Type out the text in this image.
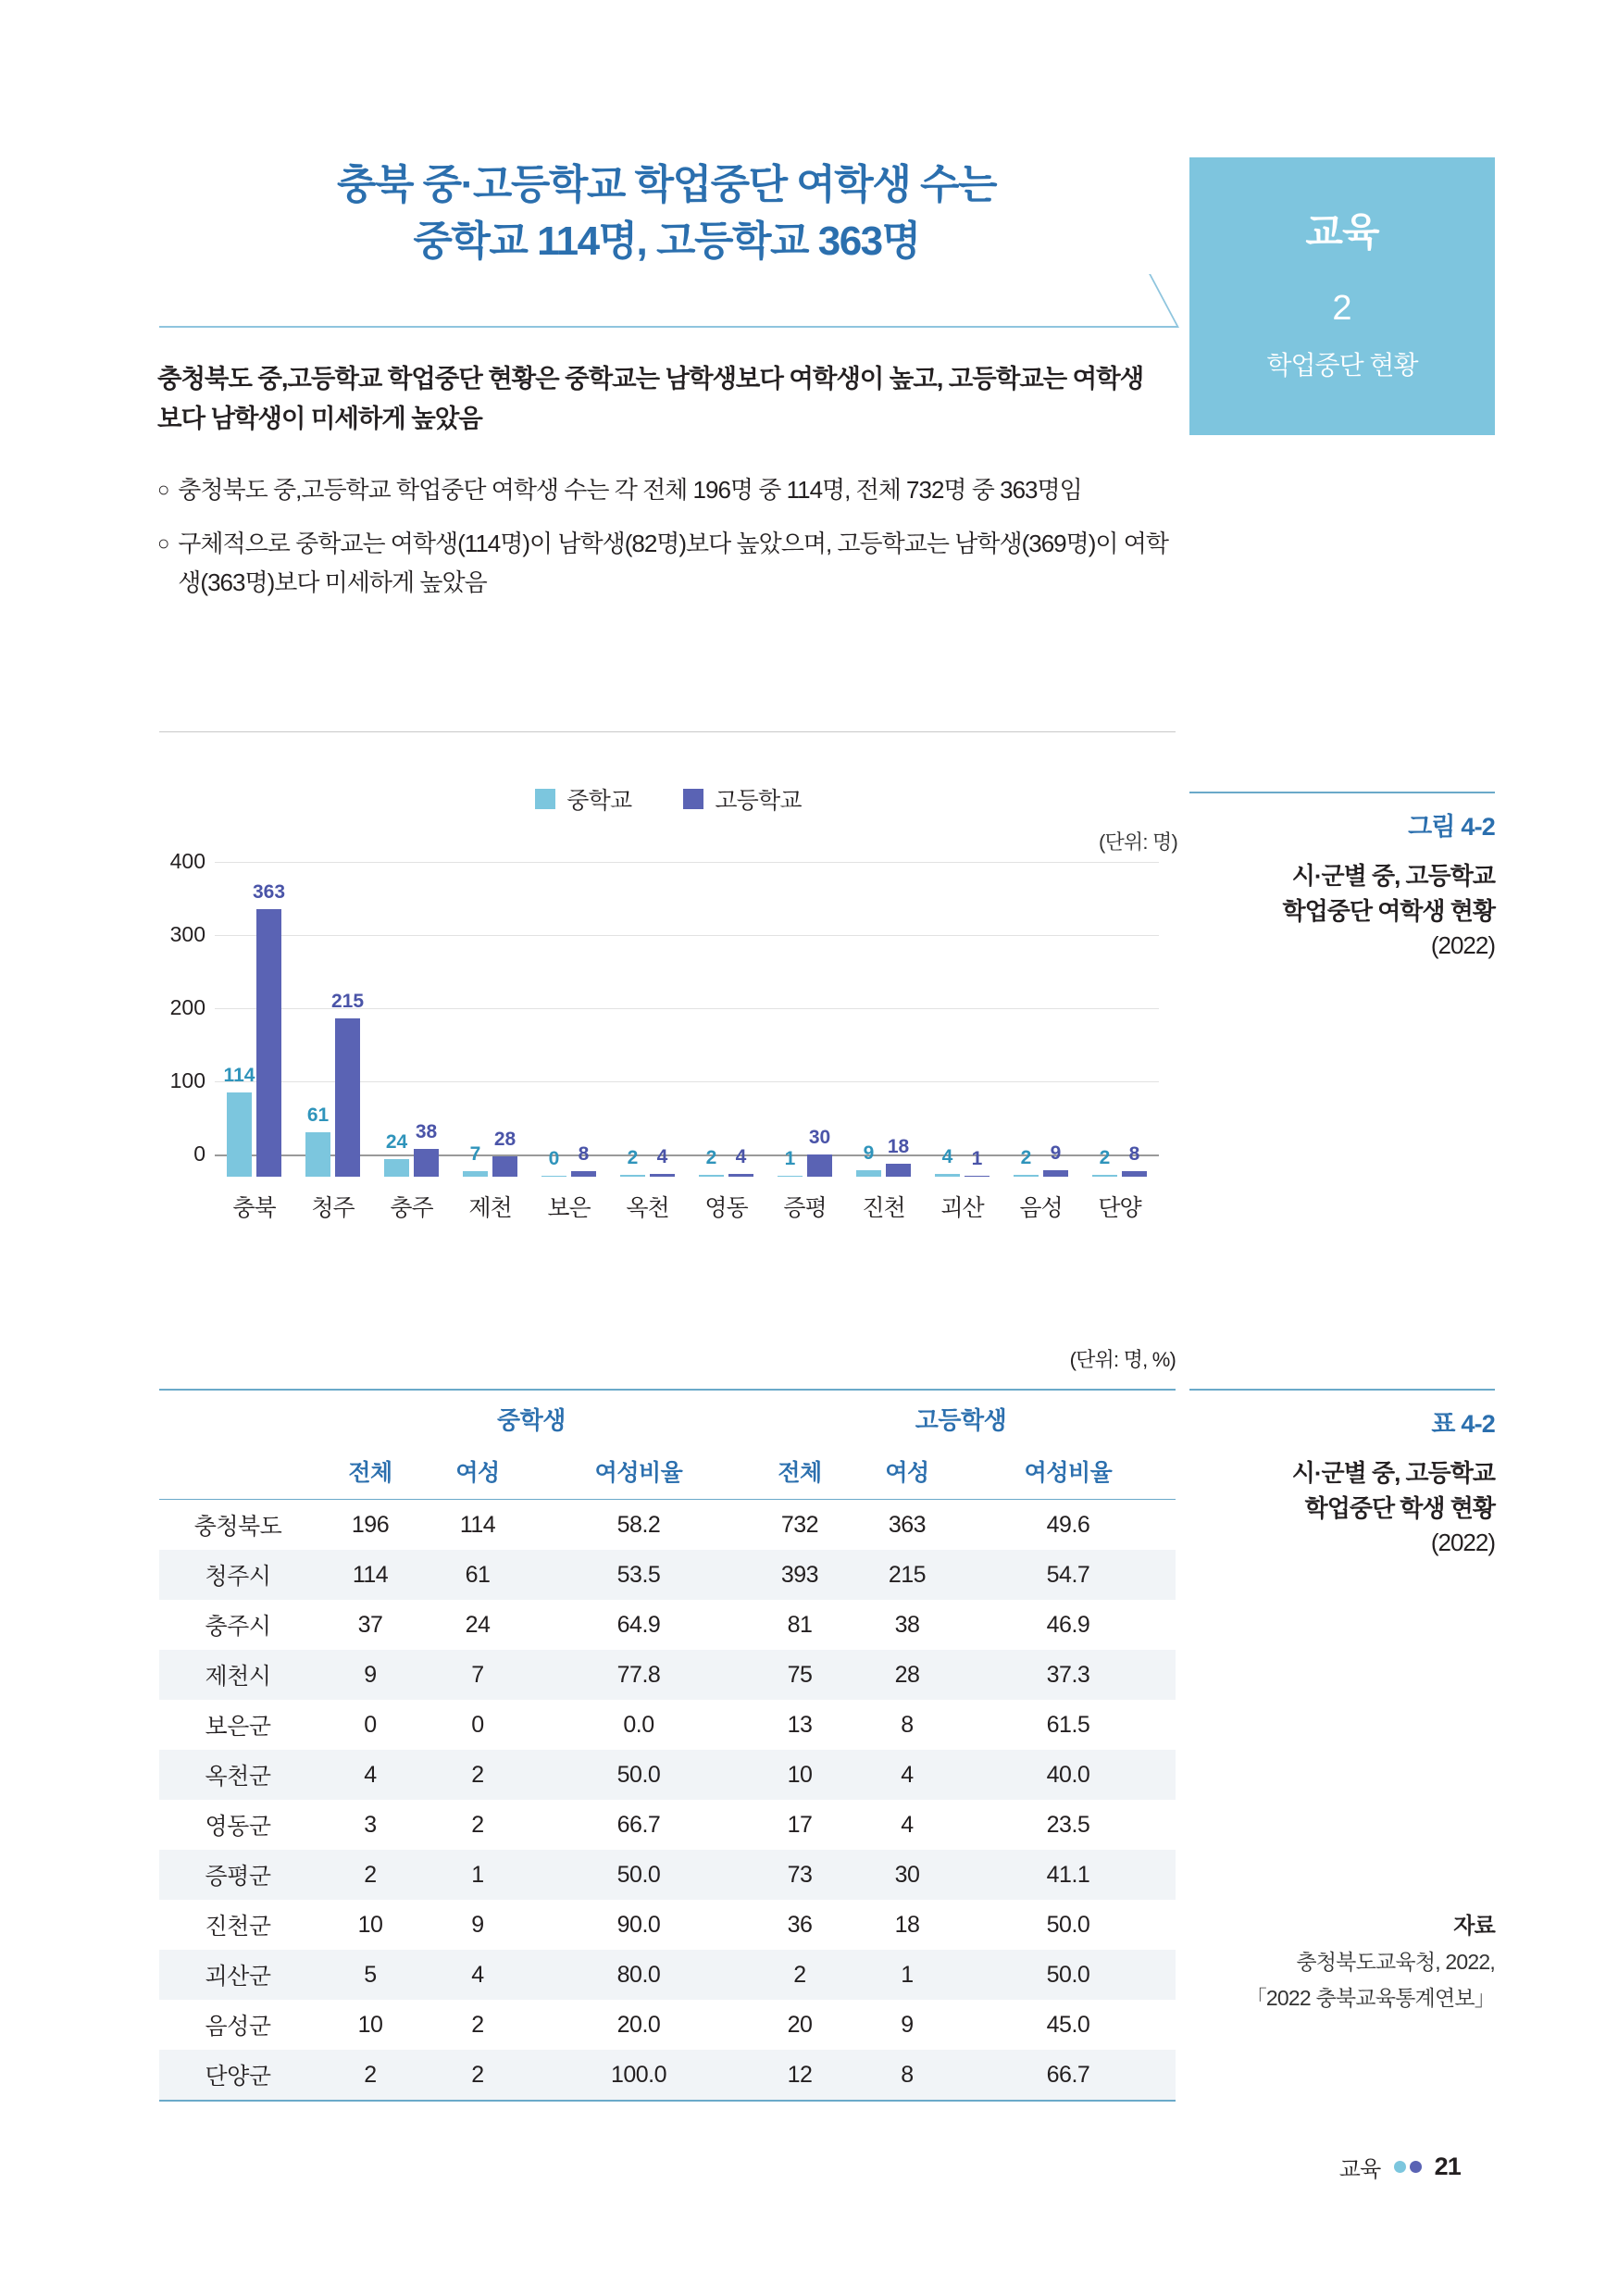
충북 중·고등학교 학업중단 여학생 수는
중학교 114명, 고등학교 363명	교육
2
학업중단 현황
충청북도 중,고등학교 학업중단 현황은 중학교는 남학생보다 여학생이 높고, 고등학교는 여학생보다 남학생이 미세하게 높았음
○ 충청북도 중,고등학교 학업중단 여학생 수는 각 전체 196명 중 114명, 전체 732명 중 363명임
○ 구체적으로 중학교는 여학생(114명)이 남학생(82명)보다 높았으며, 고등학교는 남학생(369명)이 여학생(363명)보다 미세하게 높았음
중학교	고등학교
(단위: 명)
400
300
200
100
0
114
363
61
215
24 38
7
28
0 8 2 4 2 4 1
30
9 18 4 1 2 9 2 8
충북	청주	충주	제천	보은	옥천	영동	증평	진천	괴산	음성	단양
(단위: 명, %)
	중학생			고등학생		
	전체	여성	여성비율	전체	여성	여성비율
충청북도	196	114	58.2	732	363	49.6
청주시	114	61	53.5	393	215	54.7
충주시	37	24	64.9	81	38	46.9
제천시	9	7	77.8	75	28	37.3
보은군	0	0	0.0	13	8	61.5
옥천군	4	2	50.0	10	4	40.0
영동군	3	2	66.7	17	4	23.5
증평군	2	1	50.0	73	30	41.1
진천군	10	9	90.0	36	18	50.0
괴산군	5	4	80.0	2	1	50.0
음성군	10	2	20.0	20	9	45.0
단양군	2	2	100.0	12	8	66.7
그림 4-2
시·군별 중, 고등학교
학업중단 여학생 현황
(2022)
표 4-2
시·군별 중, 고등학교
학업중단 학생 현황
(2022)
자료
충청북도교육청, 2022,
「2022 충북교육통계연보」
교육 21
